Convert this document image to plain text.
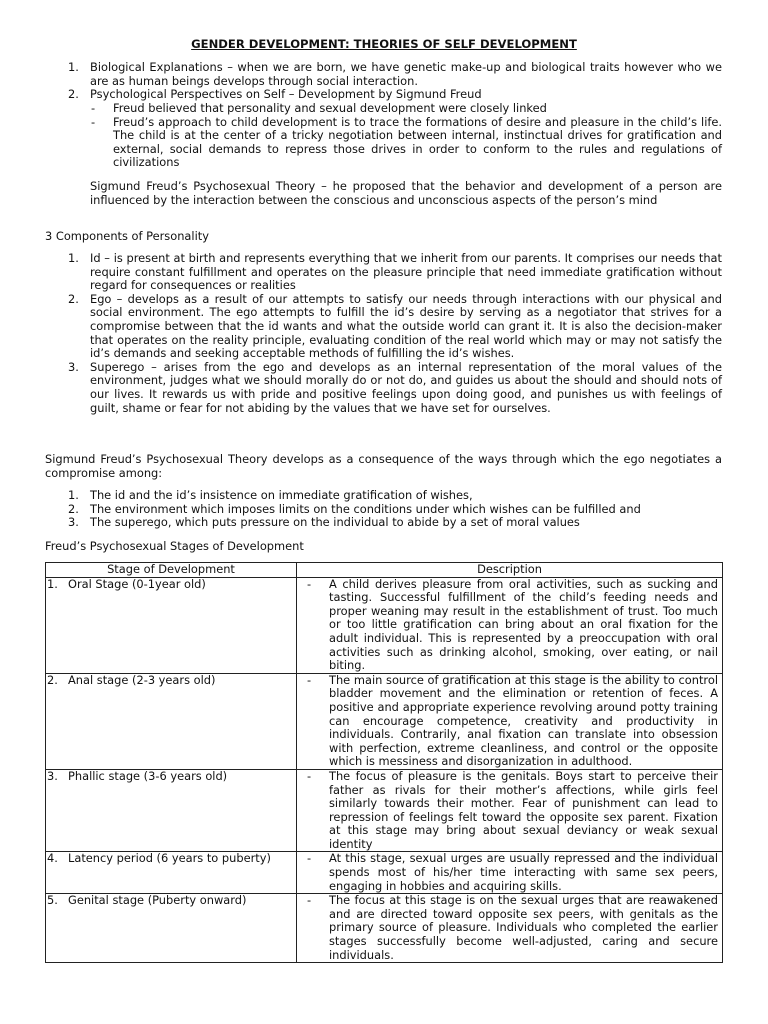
GENDER DEVELOPMENT: THEORIES OF SELF DEVELOPMENT
1. Biological Explanations – when we are born, we have genetic make-up and biological traits however who we are as human beings develops through social interaction.
2. Psychological Perspectives on Self – Development by Sigmund Freud
- Freud believed that personality and sexual development were closely linked
- Freud’s approach to child development is to trace the formations of desire and pleasure in the child’s life. The child is at the center of a tricky negotiation between internal, instinctual drives for gratification and external, social demands to repress those drives in order to conform to the rules and regulations of civilizations

Sigmund Freud’s Psychosexual Theory – he proposed that the behavior and development of a person are influenced by the interaction between the conscious and unconscious aspects of the person’s mind

3 Components of Personality

1. Id – is present at birth and represents everything that we inherit from our parents. It comprises our needs that require constant fulfillment and operates on the pleasure principle that need immediate gratification without regard for consequences or realities
2. Ego – develops as a result of our attempts to satisfy our needs through interactions with our physical and social environment. The ego attempts to fulfill the id’s desire by serving as a negotiator that strives for a compromise between that the id wants and what the outside world can grant it. It is also the decision-maker that operates on the reality principle, evaluating condition of the real world which may or may not satisfy the id’s demands and seeking acceptable methods of fulfilling the id’s wishes.
3. Superego – arises from the ego and develops as an internal representation of the moral values of the environment, judges what we should morally do or not do, and guides us about the should and should nots of our lives. It rewards us with pride and positive feelings upon doing good, and punishes us with feelings of guilt, shame or fear for not abiding by the values that we have set for ourselves.

Sigmund Freud’s Psychosexual Theory develops as a consequence of the ways through which the ego negotiates a compromise among:

1. The id and the id’s insistence on immediate gratification of wishes,
2. The environment which imposes limits on the conditions under which wishes can be fulfilled and
3. The superego, which puts pressure on the individual to abide by a set of moral values

Freud’s Psychosexual Stages of Development

Stage of Development	Description

1. Oral Stage (0-1year old)	- A child derives pleasure from oral activities, such as sucking and tasting. Successful fulfillment of the child’s feeding needs and proper weaning may result in the establishment of trust. Too much or too little gratification can bring about an oral fixation for the adult individual. This is represented by a preoccupation with oral activities such as drinking alcohol, smoking, over eating, or nail biting.

2. Anal stage (2-3 years old)	- The main source of gratification at this stage is the ability to control bladder movement and the elimination or retention of feces. A positive and appropriate experience revolving around potty training can encourage competence, creativity and productivity in individuals. Contrarily, anal fixation can translate into obsession with perfection, extreme cleanliness, and control or the opposite which is messiness and disorganization in adulthood.

3. Phallic stage (3-6 years old)	- The focus of pleasure is the genitals. Boys start to perceive their father as rivals for their mother’s affections, while girls feel similarly towards their mother. Fear of punishment can lead to repression of feelings felt toward the opposite sex parent. Fixation at this stage may bring about sexual deviancy or weak sexual identity

4. Latency period (6 years to puberty)	- At this stage, sexual urges are usually repressed and the individual spends most of his/her time interacting with same sex peers, engaging in hobbies and acquiring skills.

5. Genital stage (Puberty onward)	- The focus at this stage is on the sexual urges that are reawakened and are directed toward opposite sex peers, with genitals as the primary source of pleasure. Individuals who completed the earlier stages successfully become well-adjusted, caring and secure individuals.
